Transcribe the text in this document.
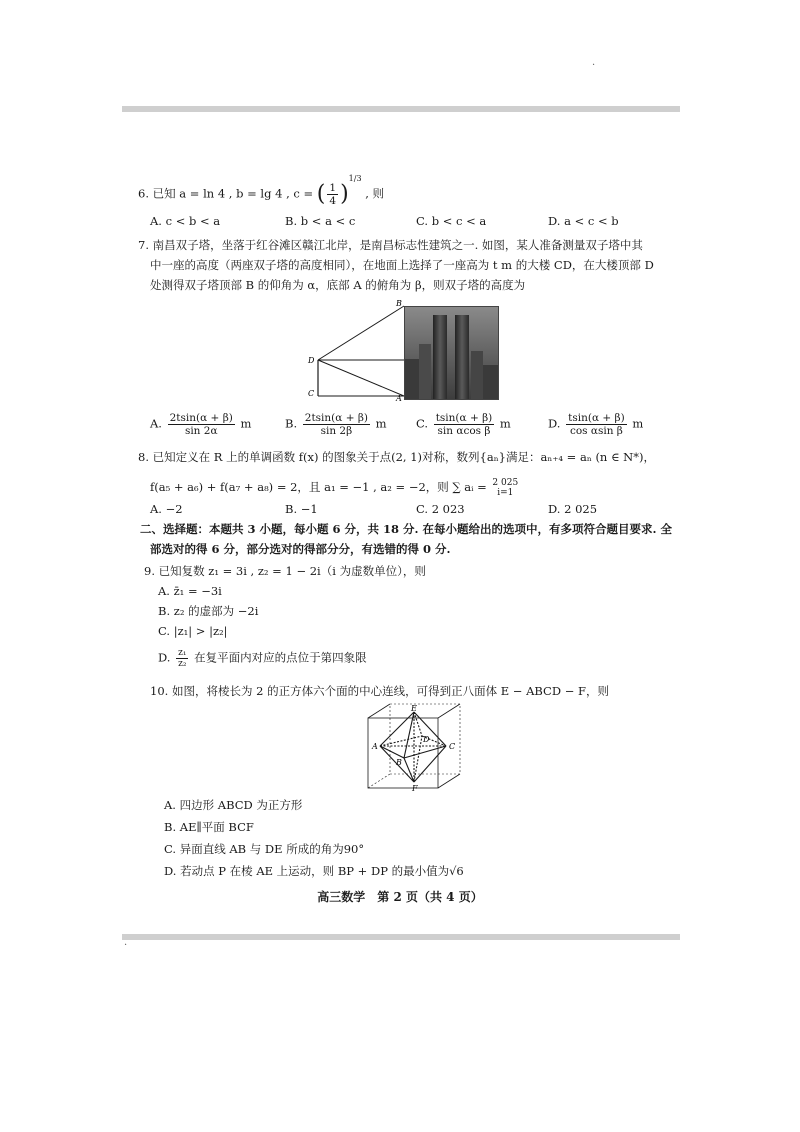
·
6. 已知 a = ln 4 , b = lg 4 , c = ( $\frac{1}{4} )^{1/3}$ , 则
A. c < b < a	B. b < a < c	C. b < c < a	D. a < c < b
7. 南昌双子塔，坐落于红谷滩区赣江北岸，是南昌标志性建筑之一. 如图，某人准备测量双子塔中其
中一座的高度（两座双子塔的高度相同），在地面上选择了一座高为 t m 的大楼 CD，在大楼顶部 D
处测得双子塔顶部 B 的仰角为 α，底部 A 的俯角为 β，则双子塔的高度为
B
D
C
A
A. $\frac{2tsin(\alpha + \beta)}{\sin 2\alpha}$ m	B. $\frac{2tsin(\alpha + \beta)}{\sin 2\beta}$ m	C. $\frac{tsin(\alpha + \beta)}{\text{sin αcos β}}$ m	D. $\frac{tsin(\alpha + \beta)}{\text{cos αsin β}}$ m
8. 已知定义在 R 上的单调函数 f(x) 的图象关于点(2, 1)对称，数列{aₙ}满足：aₙ₊₄ = aₙ (n ∈ N*)，
f(a₅ + a₆) + f(a₇ + a₈) = 2，且 a₁ = −1 , a₂ = −2，则 ∑ aᵢ = 2 025
i=1
A. −2	B. −1	C. 2 023	D. 2 025
二、选择题：本题共 3 小题，每小题 6 分，共 18 分. 在每小题给出的选项中，有多项符合题目要求. 全
部选对的得 6 分，部分选对的得部分分，有选错的得 0 分.
9. 已知复数 z₁ = 3i , z₂ = 1 − 2i（i 为虚数单位），则
A. z̄₁ = −3i
B. z₂ 的虚部为 −2i
C. |z₁| > |z₂|
D. $\frac{\text{z₁}}{\text{z₂}}$ 在复平面内对应的点位于第四象限
10. 如图，将棱长为 2 的正方体六个面的中心连线，可得到正八面体 E − ABCD − F，则
E
A
B
C
D
F
A. 四边形 ABCD 为正方形
B. AE∥平面 BCF
C. 异面直线 AB 与 DE 所成的角为90°
D. 若动点 P 在棱 AE 上运动，则 BP + DP 的最小值为√6
高三数学　第 2 页（共 4 页）
·
